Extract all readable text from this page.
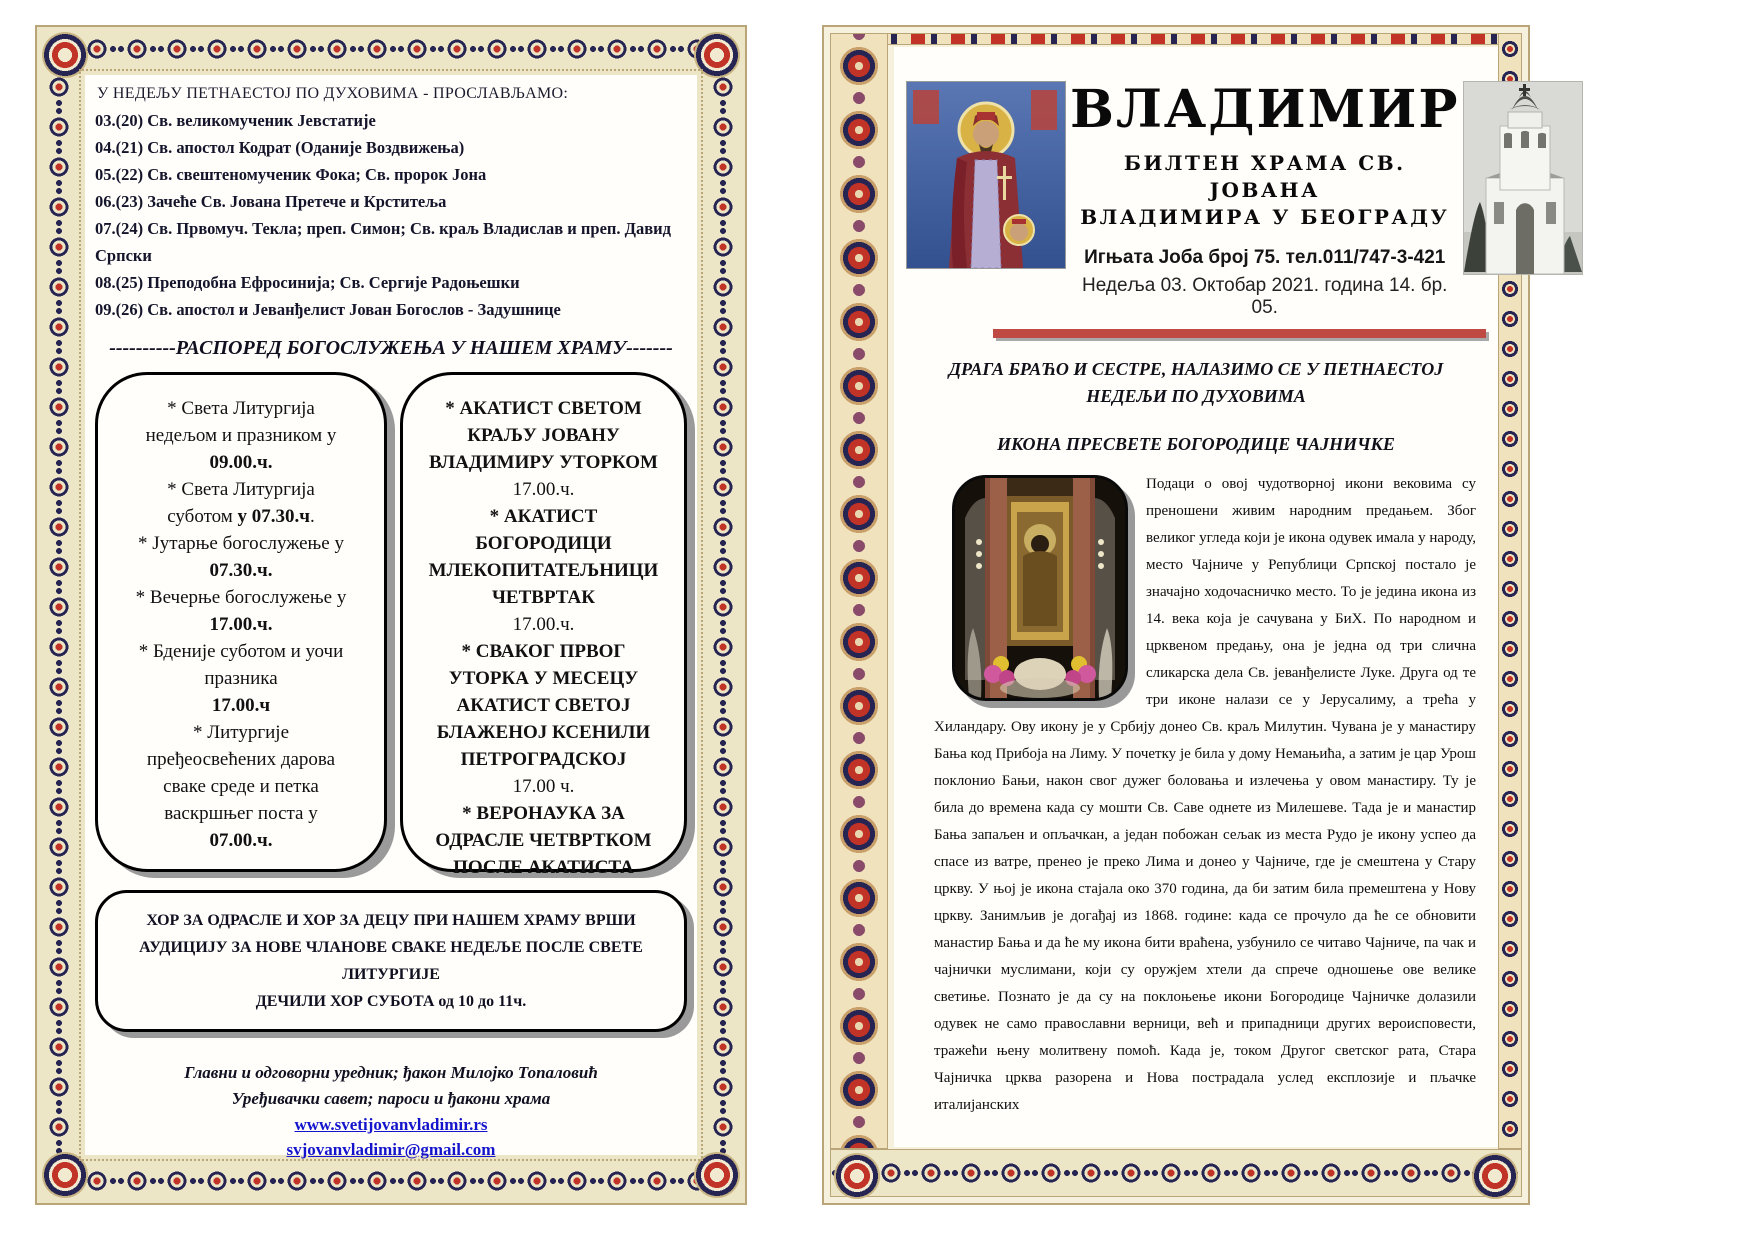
У НЕДЕЉУ ПЕТНАЕСТОЈ ПО ДУХОВИМА - ПРОСЛАВЉАМО:
03.(20) Св. великомученик Јевстатије
04.(21) Св. апостол Кодрат (Оданије Воздвижења)
05.(22) Св. свештеномученик Фока; Св. пророк Јона
06.(23) Зачеће Св. Јована Претече и Крститеља
07.(24) Св. Првомуч. Текла; преп. Симон; Св. краљ Владислав и преп. Давид Српски
08.(25) Преподобна Ефросинија; Св. Сергије Радоњешки
09.(26) Св. апостол и Јеванђелист Јован Богослов - Задушнице
----------РАСПОРЕД БОГОСЛУЖЕЊА У НАШЕМ ХРАМУ-------
* Света Литургија
недељом и празником у
09.00.ч.
* Света Литургија
суботом у 07.30.ч.
* Јутарње богослужење у
07.30.ч.
* Вечерње богослужење у
17.00.ч.
* Бденије суботом и уочи
празника
17.00.ч
* Литургије
пређеосвећених дарова
сваке среде и петка
васкршњег поста у
07.00.ч.
* АКАТИСТ СВЕТОМ
КРАЉУ ЈОВАНУ
ВЛАДИМИРУ УТОРКОМ
17.00.ч.
* АКАТИСТ
БОГОРОДИЦИ
МЛЕКОПИТАТЕЉНИЦИ
ЧЕТВРТАК
17.00.ч.
* СВАКОГ ПРВОГ
УТОРКА У МЕСЕЦУ
АКАТИСТ СВЕТОЈ
БЛАЖЕНОЈ КСЕНИЛИ
ПЕТРОГРАДСКОЈ
17.00 ч.
* ВЕРОНАУКА ЗА
ОДРАСЛЕ ЧЕТВРТКОМ
ПОСЛЕ АКАТИСТА
ХОР ЗА ОДРАСЛЕ И ХОР ЗА ДЕЦУ ПРИ НАШЕМ ХРАМУ ВРШИ
АУДИЦИЈУ ЗА НОВЕ ЧЛАНОВЕ СВАКЕ НЕДЕЉЕ ПОСЛЕ СВЕТЕ
ЛИТУРГИЈЕ
ДЕЧИЛИ ХОР СУБОТА од 10 до 11ч.
Главни и одговорни уредник; ђакон Милојко Топаловић
Уређивачки савет; пароси и ђакони храма
www.svetijovanvladimir.rs
svjovanvladimir@gmail.com
ВЛАДИМИР
БИЛТЕН ХРАМА СВ. ЈОВАНА
ВЛАДИМИРА У БЕОГРАДУ
Игњата Јоба број 75. тел.011/747-3-421
Недеља 03. Октобар 2021. година 14. бр. 05.
ДРАГА БРАЋО И СЕСТРЕ, НАЛАЗИМО СЕ У ПЕТНАЕСТОЈ
НЕДЕЉИ ПО ДУХОВИМА
ИКОНА ПРЕСВЕТЕ БОГОРОДИЦЕ ЧАЈНИЧКЕ

Подаци о овој чудотворној икони вековима су преношени живим народним предањем. Због великог угледа који је икона одувек имала у народу, место Чајниче у Републици Српској постало је значајно ходочасничко место. То је једина икона из 14. века која је сачувана у БиХ. По народном и црквеном предању, она је једна од три слична сликарска дела Св. јеванђелисте Луке. Друга од те три иконе налази се у Јерусалиму, а трећа у Хиландару. Ову икону је у Србију донео Св. краљ Милутин. Чувана је у манастиру Бања код Прибоја на Лиму. У почетку је била у дому Немањића, а затим је цар Урош поклонио Бањи, након свог дужег боловања и излечења у овом манастиру. Ту је била до времена када су мошти Св. Саве однете из Милешеве. Тада је и манастир Бања запаљен и опљачкан, а један побожан сељак из места Рудо је икону успео да спасе из ватре, пренео је преко Лима и донео у Чајниче, где је смештена у Стару цркву. У њој је икона стајала око 370 година, да би затим била премештена у Нову цркву. Занимљив је догађај из 1868. године: када се прочуло да ће се обновити манастир Бања и да ће му икона бити враћена, узбунило се читаво Чајниче, па чак и чајнички муслимани, који су оружјем хтели да спрече одношење ове велике светиње. Познато је да су на поклоњење икони Богородице Чајничке долазили одувек не само православни верници, већ и припадници других вероисповести, тражећи њену молитвену помоћ. Када је, током Другог светског рата, Стара Чајничка црква разорена и Нова пострадала услед експлозије и пљачке италијанских
